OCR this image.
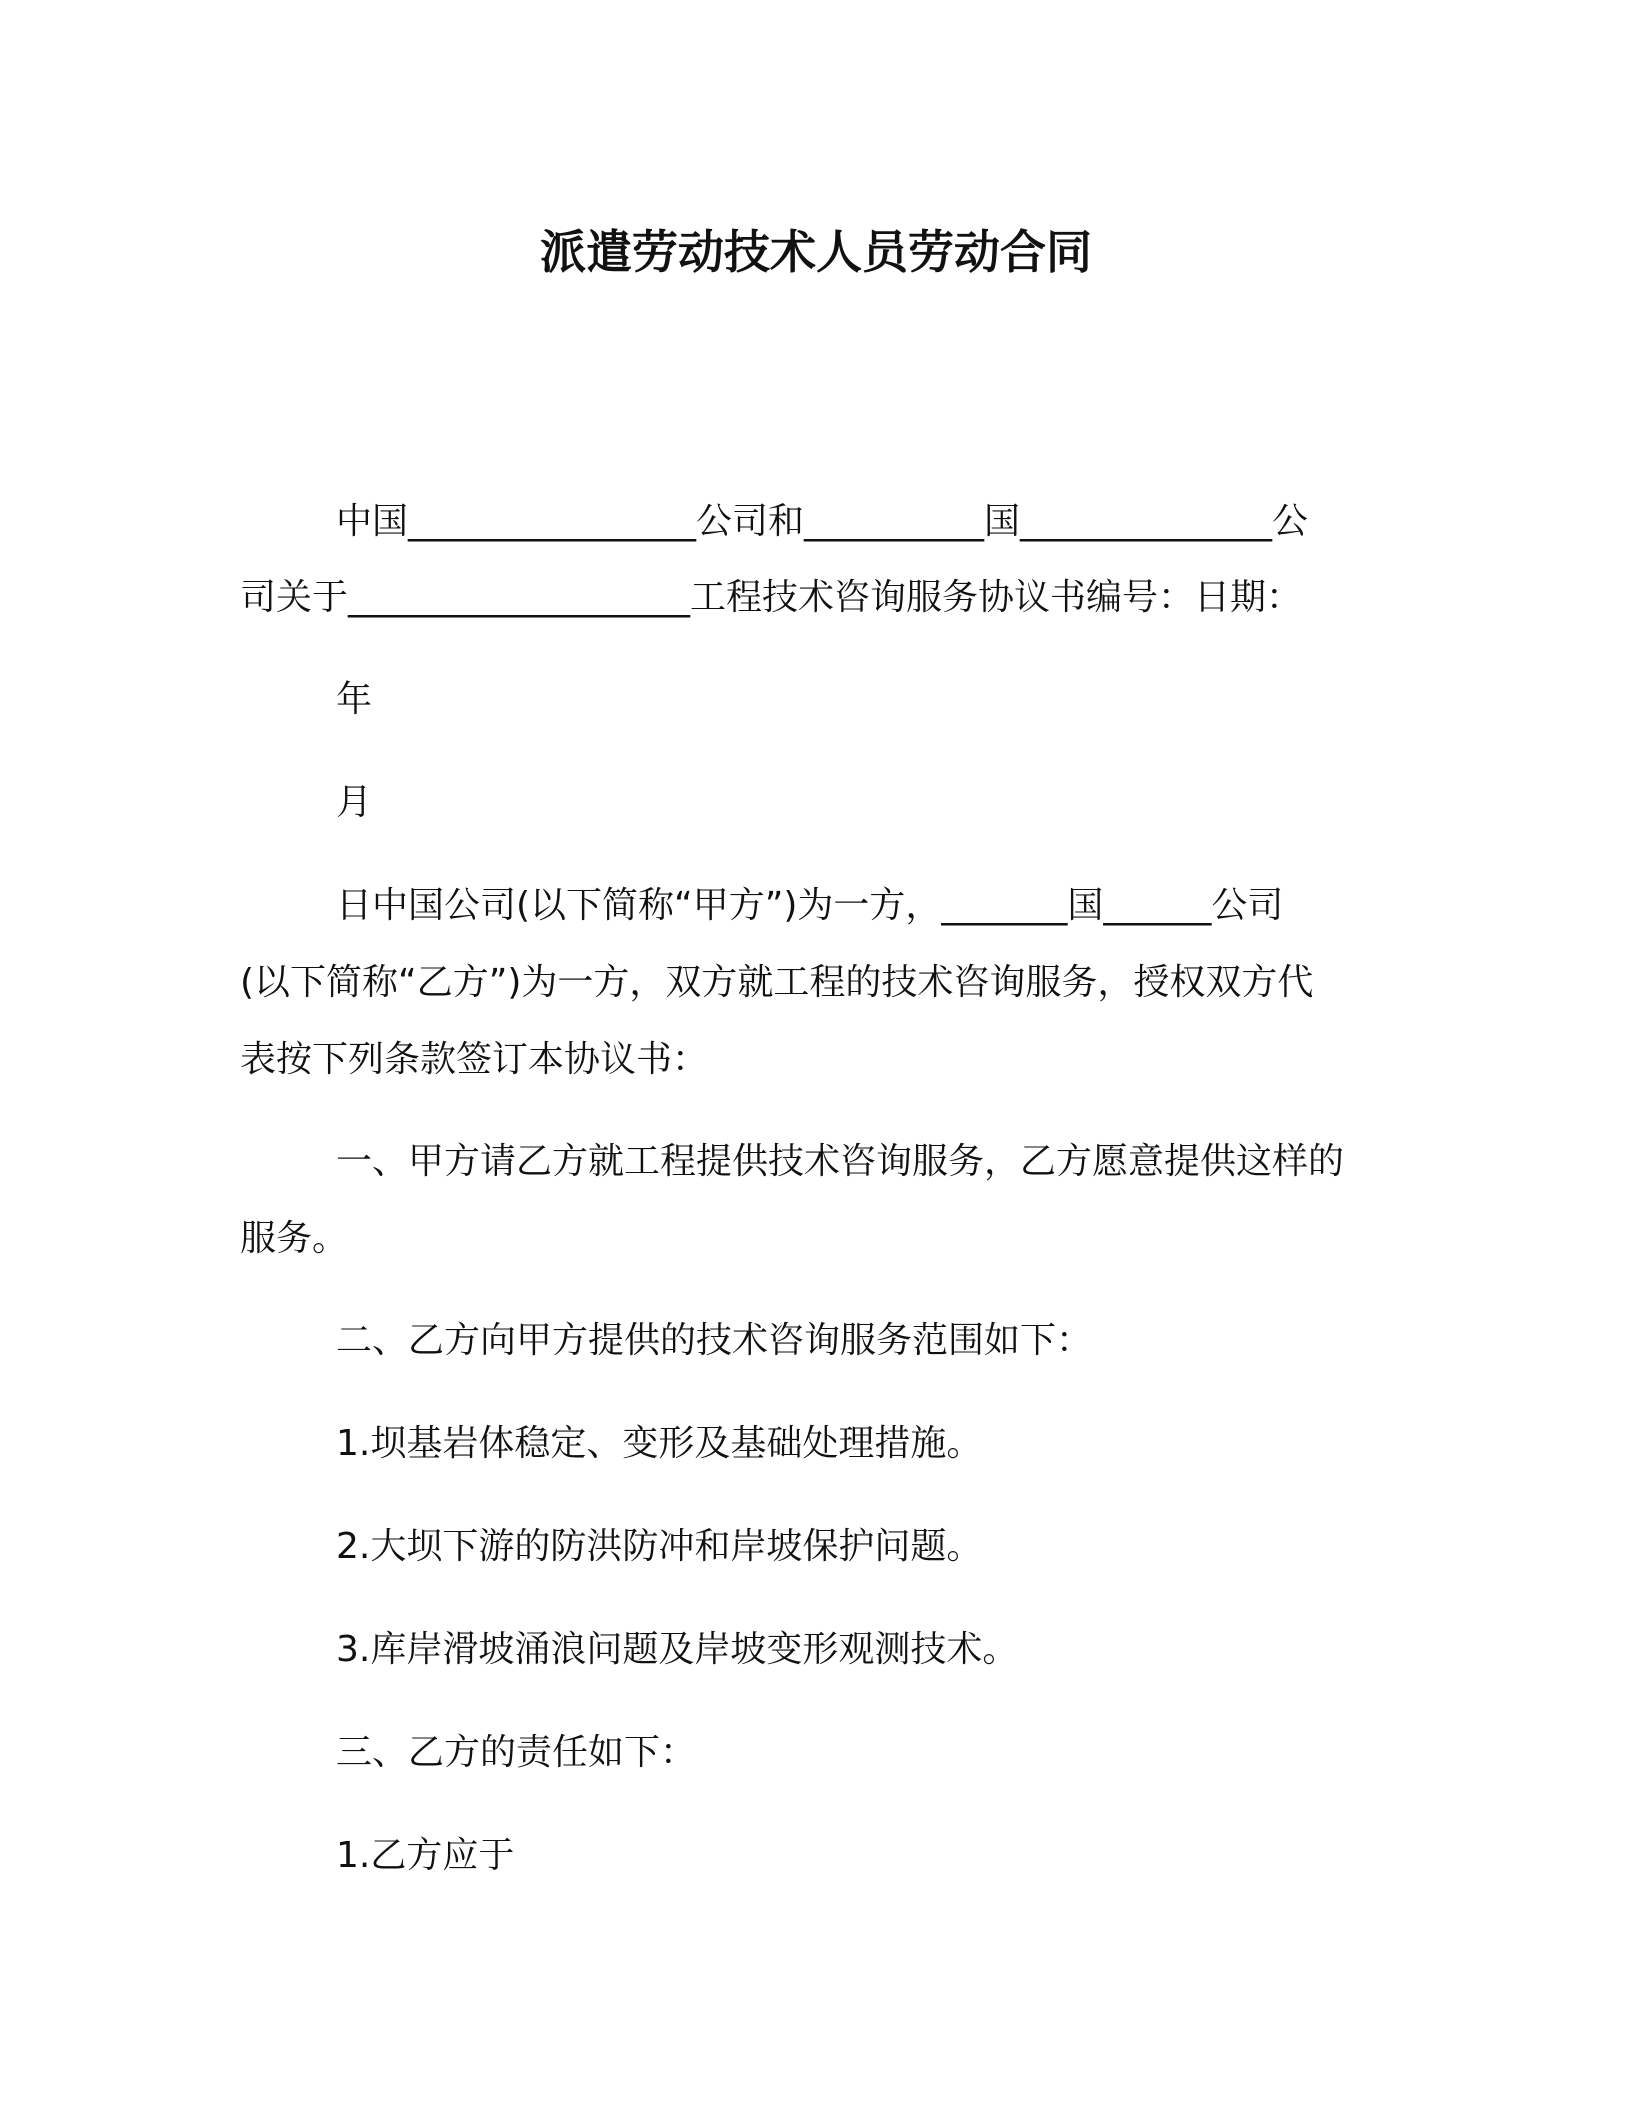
派遣劳动技术人员劳动合同
中国________________公司和__________国______________公
司关于___________________工程技术咨询服务协议书编号：日期：
年
月
日中国公司(以下简称“甲方”)为一方，_______国______公司
(以下简称“乙方”)为一方，双方就工程的技术咨询服务，授权双方代
表按下列条款签订本协议书：
一、甲方请乙方就工程提供技术咨询服务，乙方愿意提供这样的
服务。
二、乙方向甲方提供的技术咨询服务范围如下：
1.坝基岩体稳定、变形及基础处理措施。
2.大坝下游的防洪防冲和岸坡保护问题。
3.库岸滑坡涌浪问题及岸坡变形观测技术。
三、乙方的责任如下：
1.乙方应于
